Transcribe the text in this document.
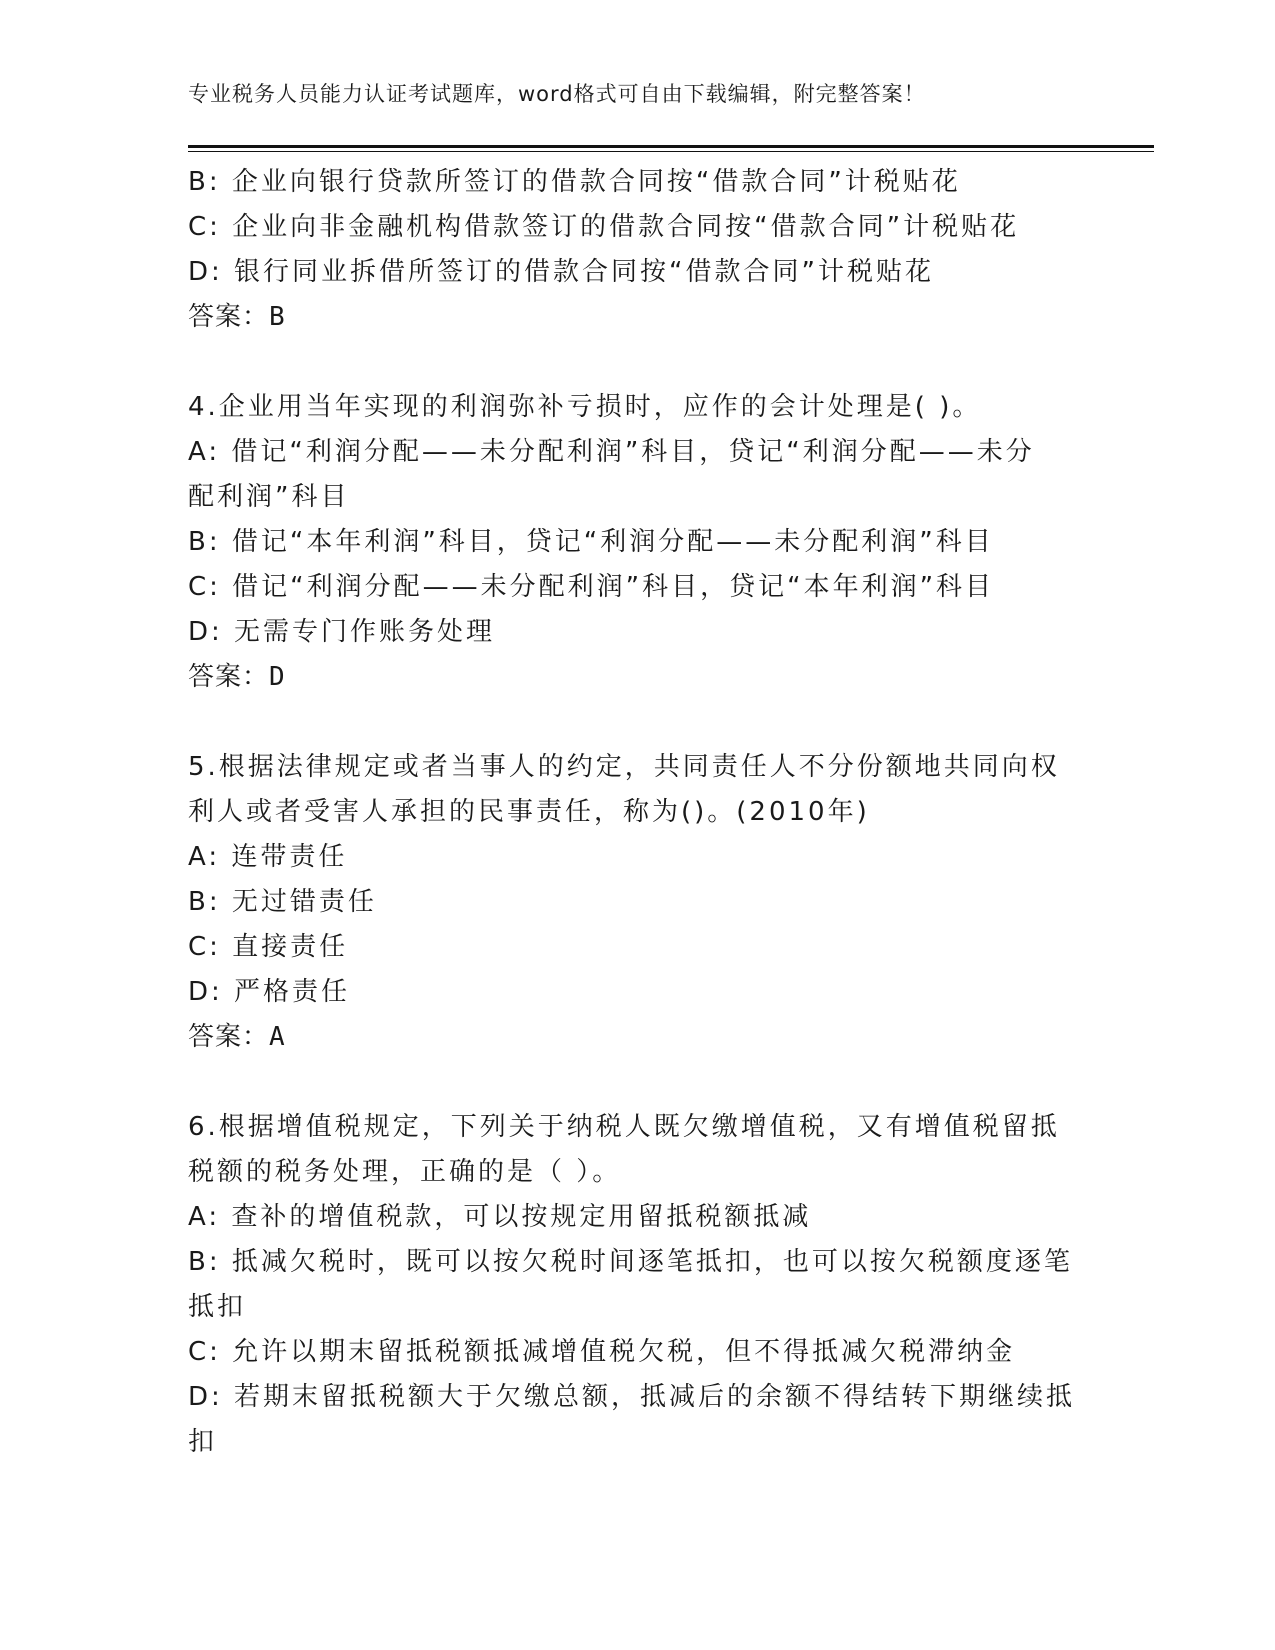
专业税务人员能力认证考试题库，word格式可自由下载编辑，附完整答案！
B: 企业向银行贷款所签订的借款合同按“借款合同”计税贴花
C: 企业向非金融机构借款签订的借款合同按“借款合同”计税贴花
D: 银行同业拆借所签订的借款合同按“借款合同”计税贴花
答案：B
4.企业用当年实现的利润弥补亏损时，应作的会计处理是( )。
A: 借记“利润分配——未分配利润”科目，贷记“利润分配——未分
配利润”科目
B: 借记“本年利润”科目，贷记“利润分配——未分配利润”科目
C: 借记“利润分配——未分配利润”科目，贷记“本年利润”科目
D: 无需专门作账务处理
答案：D
5.根据法律规定或者当事人的约定，共同责任人不分份额地共同向权
利人或者受害人承担的民事责任，称为()。(2010年)
A: 连带责任
B: 无过错责任
C: 直接责任
D: 严格责任
答案：A
6.根据增值税规定，下列关于纳税人既欠缴增值税，又有增值税留抵
税额的税务处理，正确的是（ ）。
A: 查补的增值税款，可以按规定用留抵税额抵减
B: 抵减欠税时，既可以按欠税时间逐笔抵扣，也可以按欠税额度逐笔
抵扣
C: 允许以期末留抵税额抵减增值税欠税，但不得抵减欠税滞纳金
D: 若期末留抵税额大于欠缴总额，抵减后的余额不得结转下期继续抵
扣
